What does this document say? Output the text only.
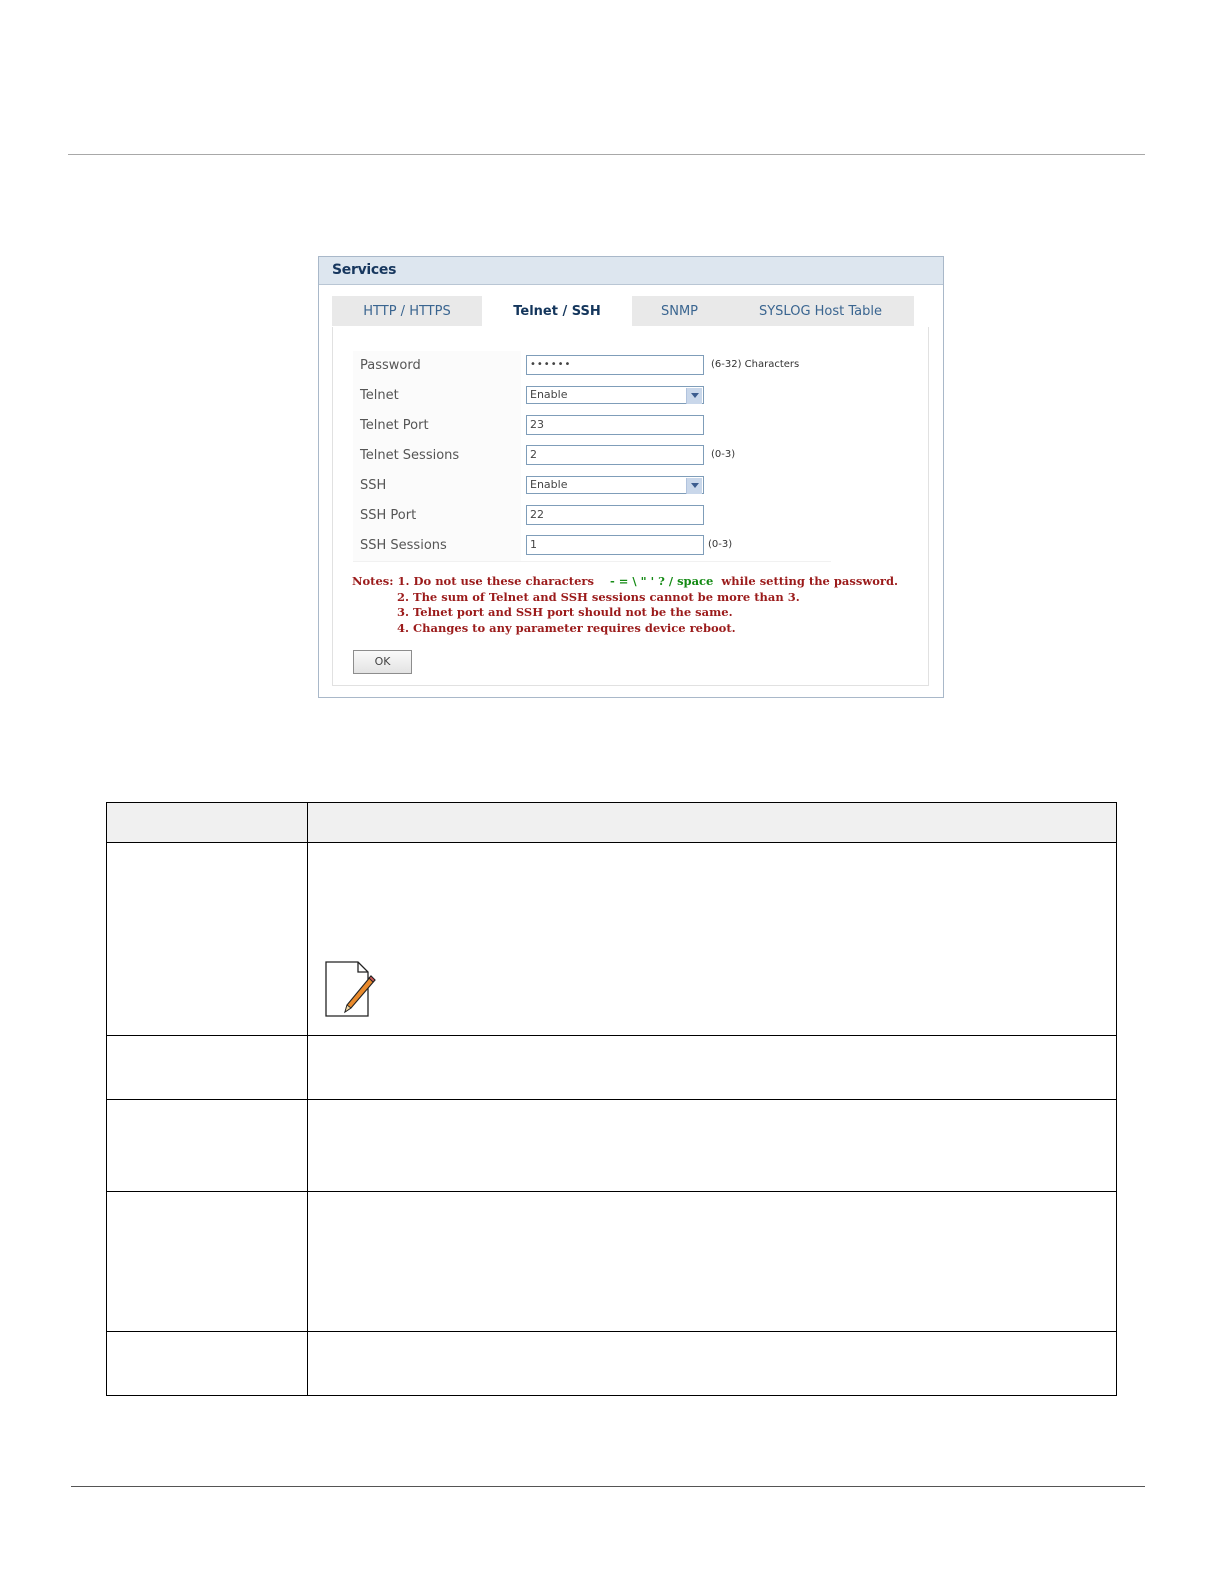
Services
HTTP / HTTPS	Telnet / SSH	SNMP	SYSLOG Host Table
Password	••••••	(6-32) Characters
Telnet	Enable
Telnet Port	23
Telnet Sessions	2	(0-3)
SSH	Enable
SSH Port	22
SSH Sessions	1	(0-3)
Notes: 1. Do not use these characters - = \ " ' ? / space while setting the password.
2. The sum of Telnet and SSH sessions cannot be more than 3.
3. Telnet port and SSH port should not be the same.
4. Changes to any parameter requires device reboot.
OK
